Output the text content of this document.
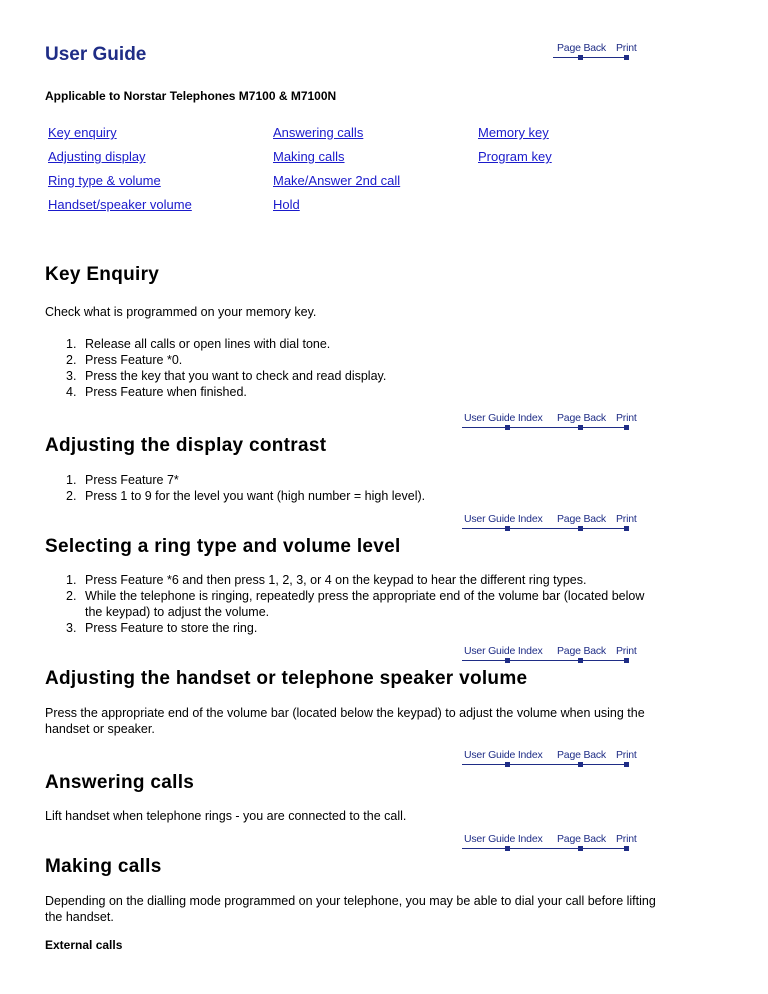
User Guide	Page Back Print
Applicable to Norstar Telephones M7100 & M7100N
Key enquiry
Adjusting display
Ring type & volume
Handset/speaker volume
Answering calls
Making calls
Make/Answer 2nd call
Hold
Memory key
Program key
Key Enquiry

Check what is programmed on your memory key.

1. Release all calls or open lines with dial tone.
2. Press Feature *0.
3. Press the key that you want to check and read display.
4. Press Feature when finished.
User Guide Index Page Back Print
Adjusting the display contrast
1. Press Feature 7*
2. Press 1 to 9 for the level you want (high number = high level).
User Guide Index Page Back Print
Selecting a ring type and volume level
1. Press Feature *6 and then press 1, 2, 3, or 4 on the keypad to hear the different ring types.
2. While the telephone is ringing, repeatedly press the appropriate end of the volume bar (located below the keypad) to adjust the volume.
3. Press Feature to store the ring.
User Guide Index Page Back Print
Adjusting the handset or telephone speaker volume

Press the appropriate end of the volume bar (located below the keypad) to adjust the volume when using the handset or speaker.

User Guide Index Page Back Print
Answering calls

Lift handset when telephone rings - you are connected to the call.

User Guide Index Page Back Print
Making calls

Depending on the dialling mode programmed on your telephone, you may be able to dial your call before lifting the handset.

External calls
